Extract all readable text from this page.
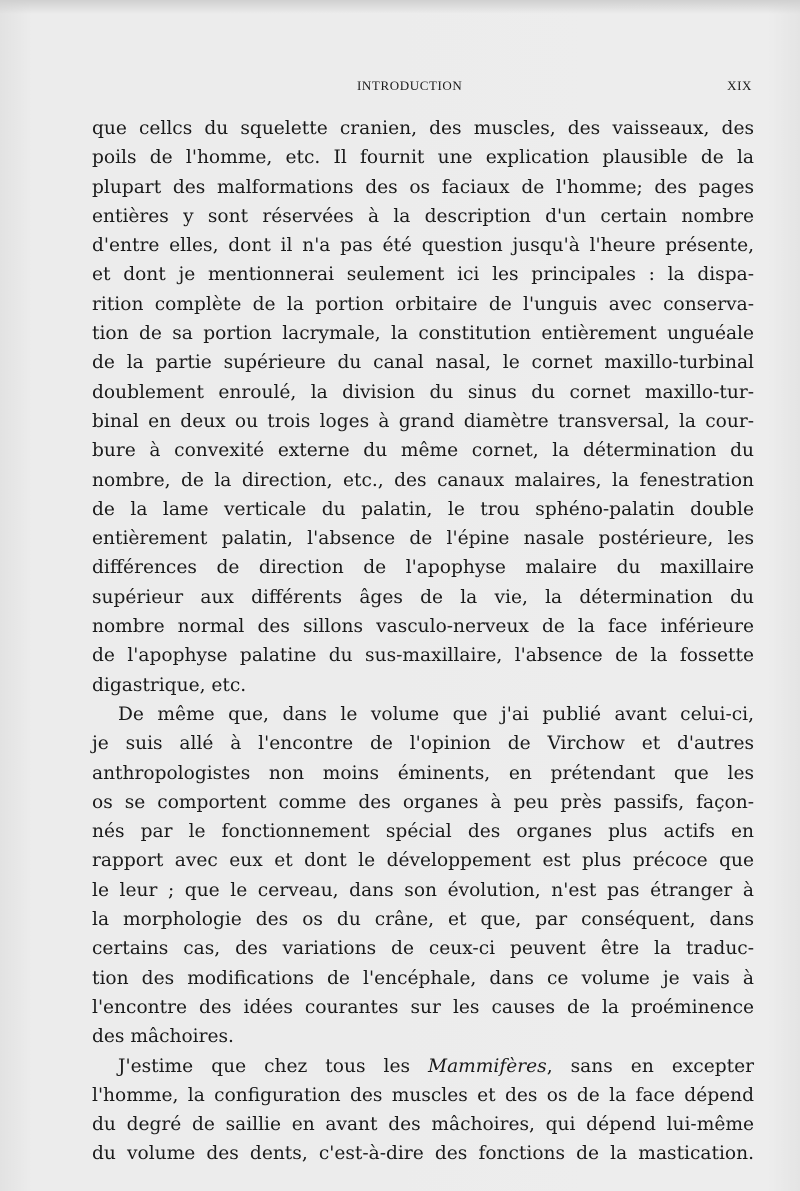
INTRODUCTION	XIX
que cellcs du squelette cranien, des muscles, des vaisseaux, des
poils de l'homme, etc. Il fournit une explication plausible de la
plupart des malformations des os faciaux de l'homme; des pages
entières y sont réservées à la description d'un certain nombre
d'entre elles, dont il n'a pas été question jusqu'à l'heure présente,
et dont je mentionnerai seulement ici les principales : la dispa-
rition complète de la portion orbitaire de l'unguis avec conserva-
tion de sa portion lacrymale, la constitution entièrement unguéale
de la partie supérieure du canal nasal, le cornet maxillo-turbinal
doublement enroulé, la division du sinus du cornet maxillo-tur-
binal en deux ou trois loges à grand diamètre transversal, la cour-
bure à convexité externe du même cornet, la détermination du
nombre, de la direction, etc., des canaux malaires, la fenestration
de la lame verticale du palatin, le trou sphéno-palatin double
entièrement palatin, l'absence de l'épine nasale postérieure, les
différences de direction de l'apophyse malaire du maxillaire
supérieur aux différents âges de la vie, la détermination du
nombre normal des sillons vasculo-nerveux de la face inférieure
de l'apophyse palatine du sus-maxillaire, l'absence de la fossette
digastrique, etc.
De même que, dans le volume que j'ai publié avant celui-ci,
je suis allé à l'encontre de l'opinion de Virchow et d'autres
anthropologistes non moins éminents, en prétendant que les
os se comportent comme des organes à peu près passifs, façon-
nés par le fonctionnement spécial des organes plus actifs en
rapport avec eux et dont le développement est plus précoce que
le leur ; que le cerveau, dans son évolution, n'est pas étranger à
la morphologie des os du crâne, et que, par conséquent, dans
certains cas, des variations de ceux-ci peuvent être la traduc-
tion des modifications de l'encéphale, dans ce volume je vais à
l'encontre des idées courantes sur les causes de la proéminence
des mâchoires.
J'estime que chez tous les Mammifères, sans en excepter
l'homme, la configuration des muscles et des os de la face dépend
du degré de saillie en avant des mâchoires, qui dépend lui-même
du volume des dents, c'est-à-dire des fonctions de la mastication.
